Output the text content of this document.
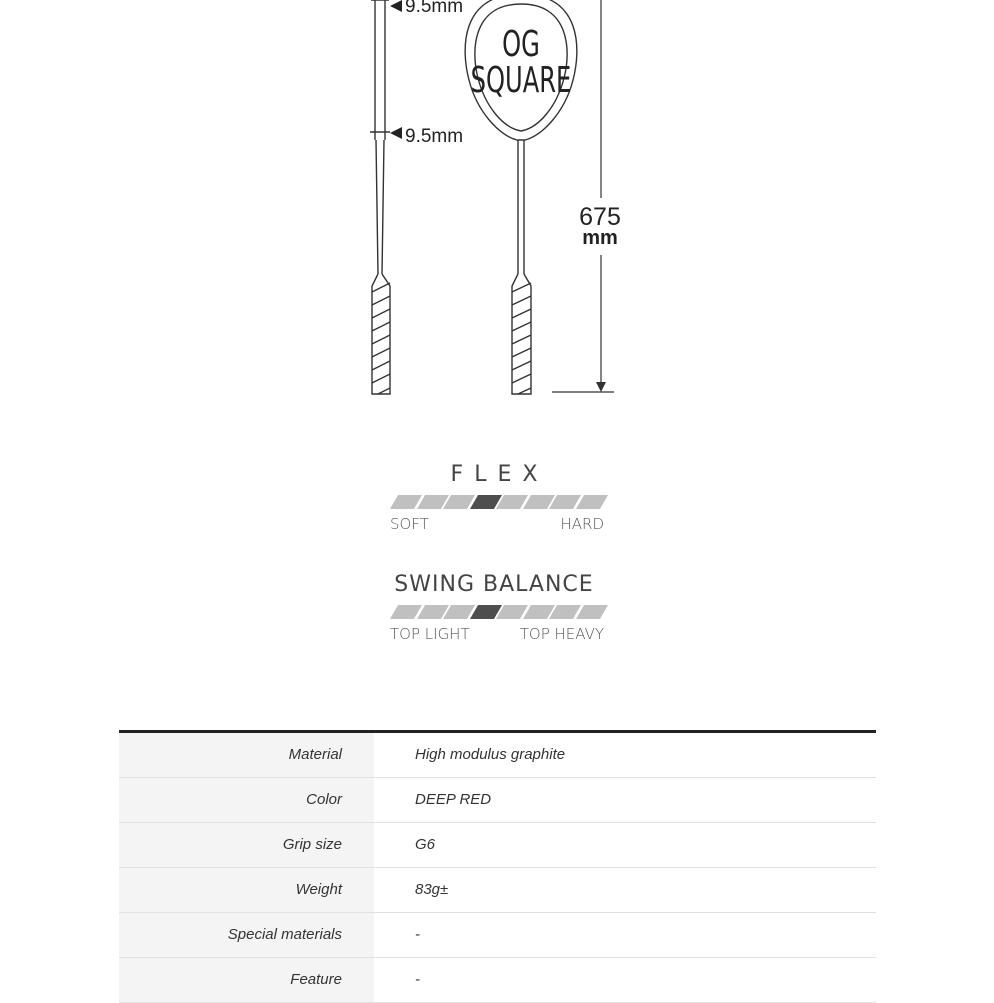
9.5mm
9.5mm
OG
SQUARE
675
mm
FLEX
SOFT	HARD
SWING BALANCE
TOP LIGHT	TOP HEAVY
Material	High modulus graphite
Color	DEEP RED
Grip size	G6
Weight	83g±
Special materials	-
Feature	-
